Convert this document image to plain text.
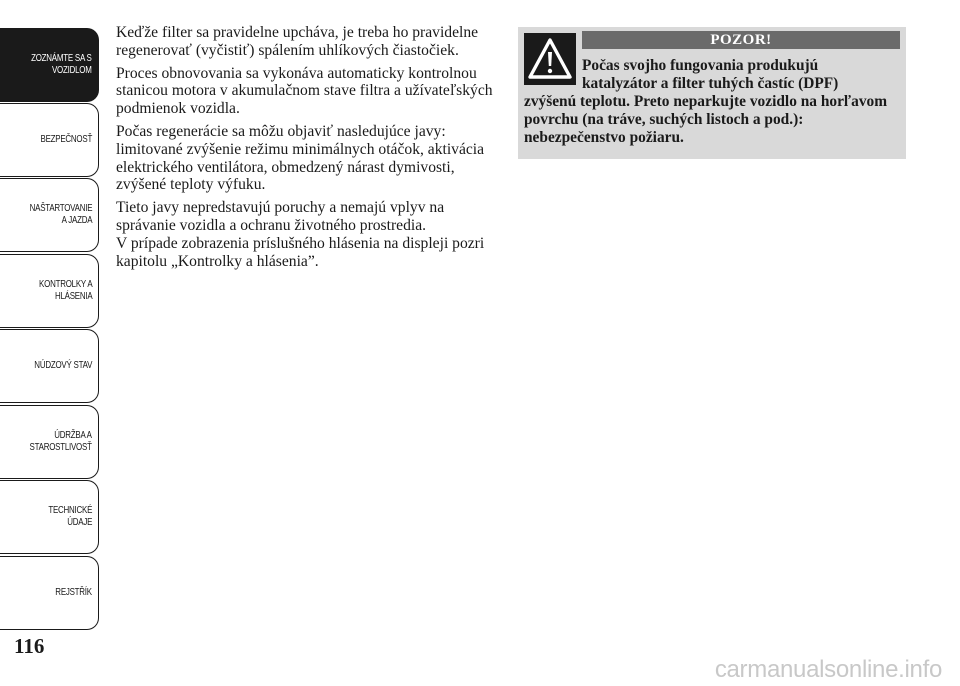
ZOZNÁMTE SA S
VOZIDLOM
BEZPEČNOSŤ
NAŠTARTOVANIE
A JAZDA
KONTROLKY A
HLÁSENIA
NÚDZOVÝ STAV
ÚDRŽBA A
STAROSTLIVOSŤ
TECHNICKÉ
ÚDAJE
REJSTŘÍK
116

Keďže filter sa pravidelne upcháva, je treba ho pravidelne regenerovať (vyčistiť) spálením uhlíkových čiastočiek.

Proces obnovovania sa vykonáva automaticky kontrolnou stanicou motora v akumulačnom stave filtra a užívateľských podmienok vozidla.

Počas regenerácie sa môžu objaviť nasledujúce javy: limitované zvýšenie režimu minimálnych otáčok, aktivácia elektrického ventilátora, obmedzený nárast dymivosti, zvýšené teploty výfuku.

Tieto javy nepredstavujú poruchy a nemajú vplyv na správanie vozidla a ochranu životného prostredia.

V prípade zobrazenia príslušného hlásenia na displeji pozri kapitolu „Kontrolky a hlásenia”.

POZOR!
Počas svojho fungovania produkujú
katalyzátor a filter tuhých častíc (DPF)
zvýšenú teplotu. Preto neparkujte vozidlo na horľavom povrchu (na tráve, suchých listoch a pod.): nebezpečenstvo požiaru.
carmanualsonline.info
